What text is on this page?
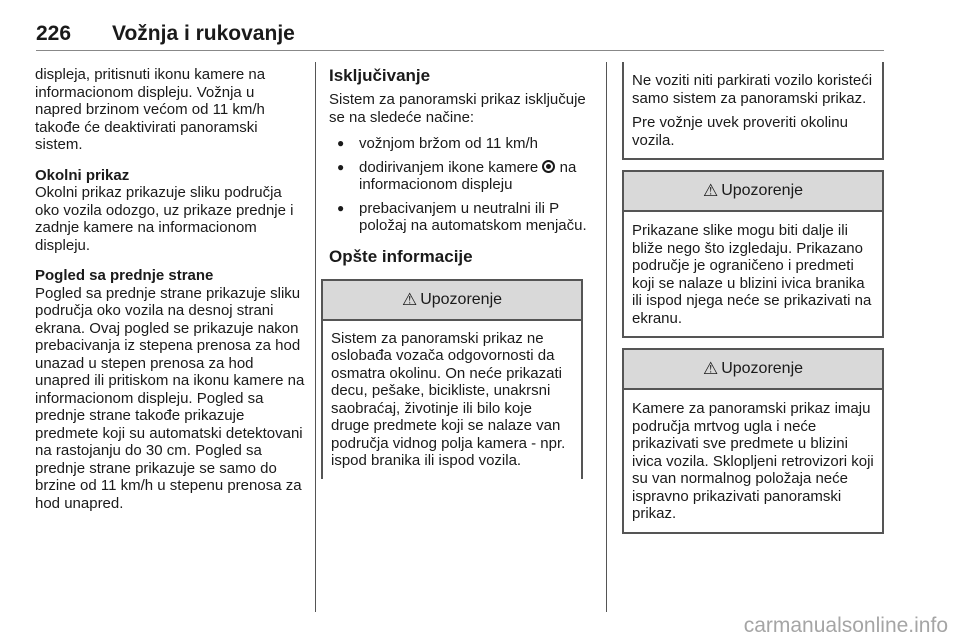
226 Vožnja i rukovanje

displeja, pritisnuti ikonu kamere na informacionom displeju. Vožnja u napred brzinom većom od 11 km/h takođe će deaktivirati panoramski sistem.

Okolni prikaz
Okolni prikaz prikazuje sliku područja oko vozila odozgo, uz prikaze prednje i zadnje kamere na informacionom displeju.

Pogled sa prednje strane
Pogled sa prednje strane prikazuje sliku područja oko vozila na desnoj strani ekrana. Ovaj pogled se prikazuje nakon prebacivanja iz stepena prenosa za hod unazad u stepen prenosa za hod unapred ili pritiskom na ikonu kamere na informacionom displeju. Pogled sa prednje strane takođe prikazuje predmete koji su automatski detektovani na rastojanju do 30 cm. Pogled sa prednje strane prikazuje se samo do brzine od 11 km/h u stepenu prenosa za hod unapred.

Isključivanje

Sistem za panoramski prikaz isključuje se na sledeće načine:

● vožnjom bržom od 11 km/h
● dodirivanjem ikone kamere na informacionom displeju
● prebacivanjem u neutralni ili P položaj na automatskom menjaču.
Opšte informacije
⚠ Upozorenje

Sistem za panoramski prikaz ne oslobađa vozača odgovornosti da osmatra okolinu. On neće prikazati decu, pešake, bicikliste, unakrsni saobraćaj, životinje ili bilo koje druge predmete koji se nalaze van područja vidnog polja kamera - npr. ispod branika ili ispod vozila.

Ne voziti niti parkirati vozilo koristeći samo sistem za panoramski prikaz.

Pre vožnje uvek proveriti okolinu vozila.

⚠ Upozorenje

Prikazane slike mogu biti dalje ili bliže nego što izgledaju. Prikazano područje je ograničeno i predmeti koji se nalaze u blizini ivica branika ili ispod njega neće se prikazivati na ekranu.

⚠ Upozorenje

Kamere za panoramski prikaz imaju područja mrtvog ugla i neće prikazivati sve predmete u blizini ivica vozila. Sklopljeni retrovizori koji su van normalnog položaja neće ispravno prikazivati panoramski prikaz.

carmanualsonline.info
